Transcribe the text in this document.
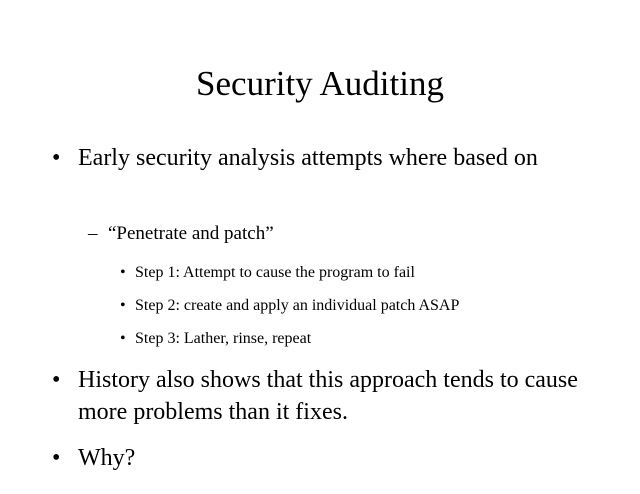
Security Auditing
• Early security analysis attempts where based on
– “Penetrate and patch”
• Step 1: Attempt to cause the program to fail
• Step 2: create and apply an individual patch ASAP
• Step 3: Lather, rinse, repeat
• History also shows that this approach tends to cause more problems than it fixes.
• Why?
